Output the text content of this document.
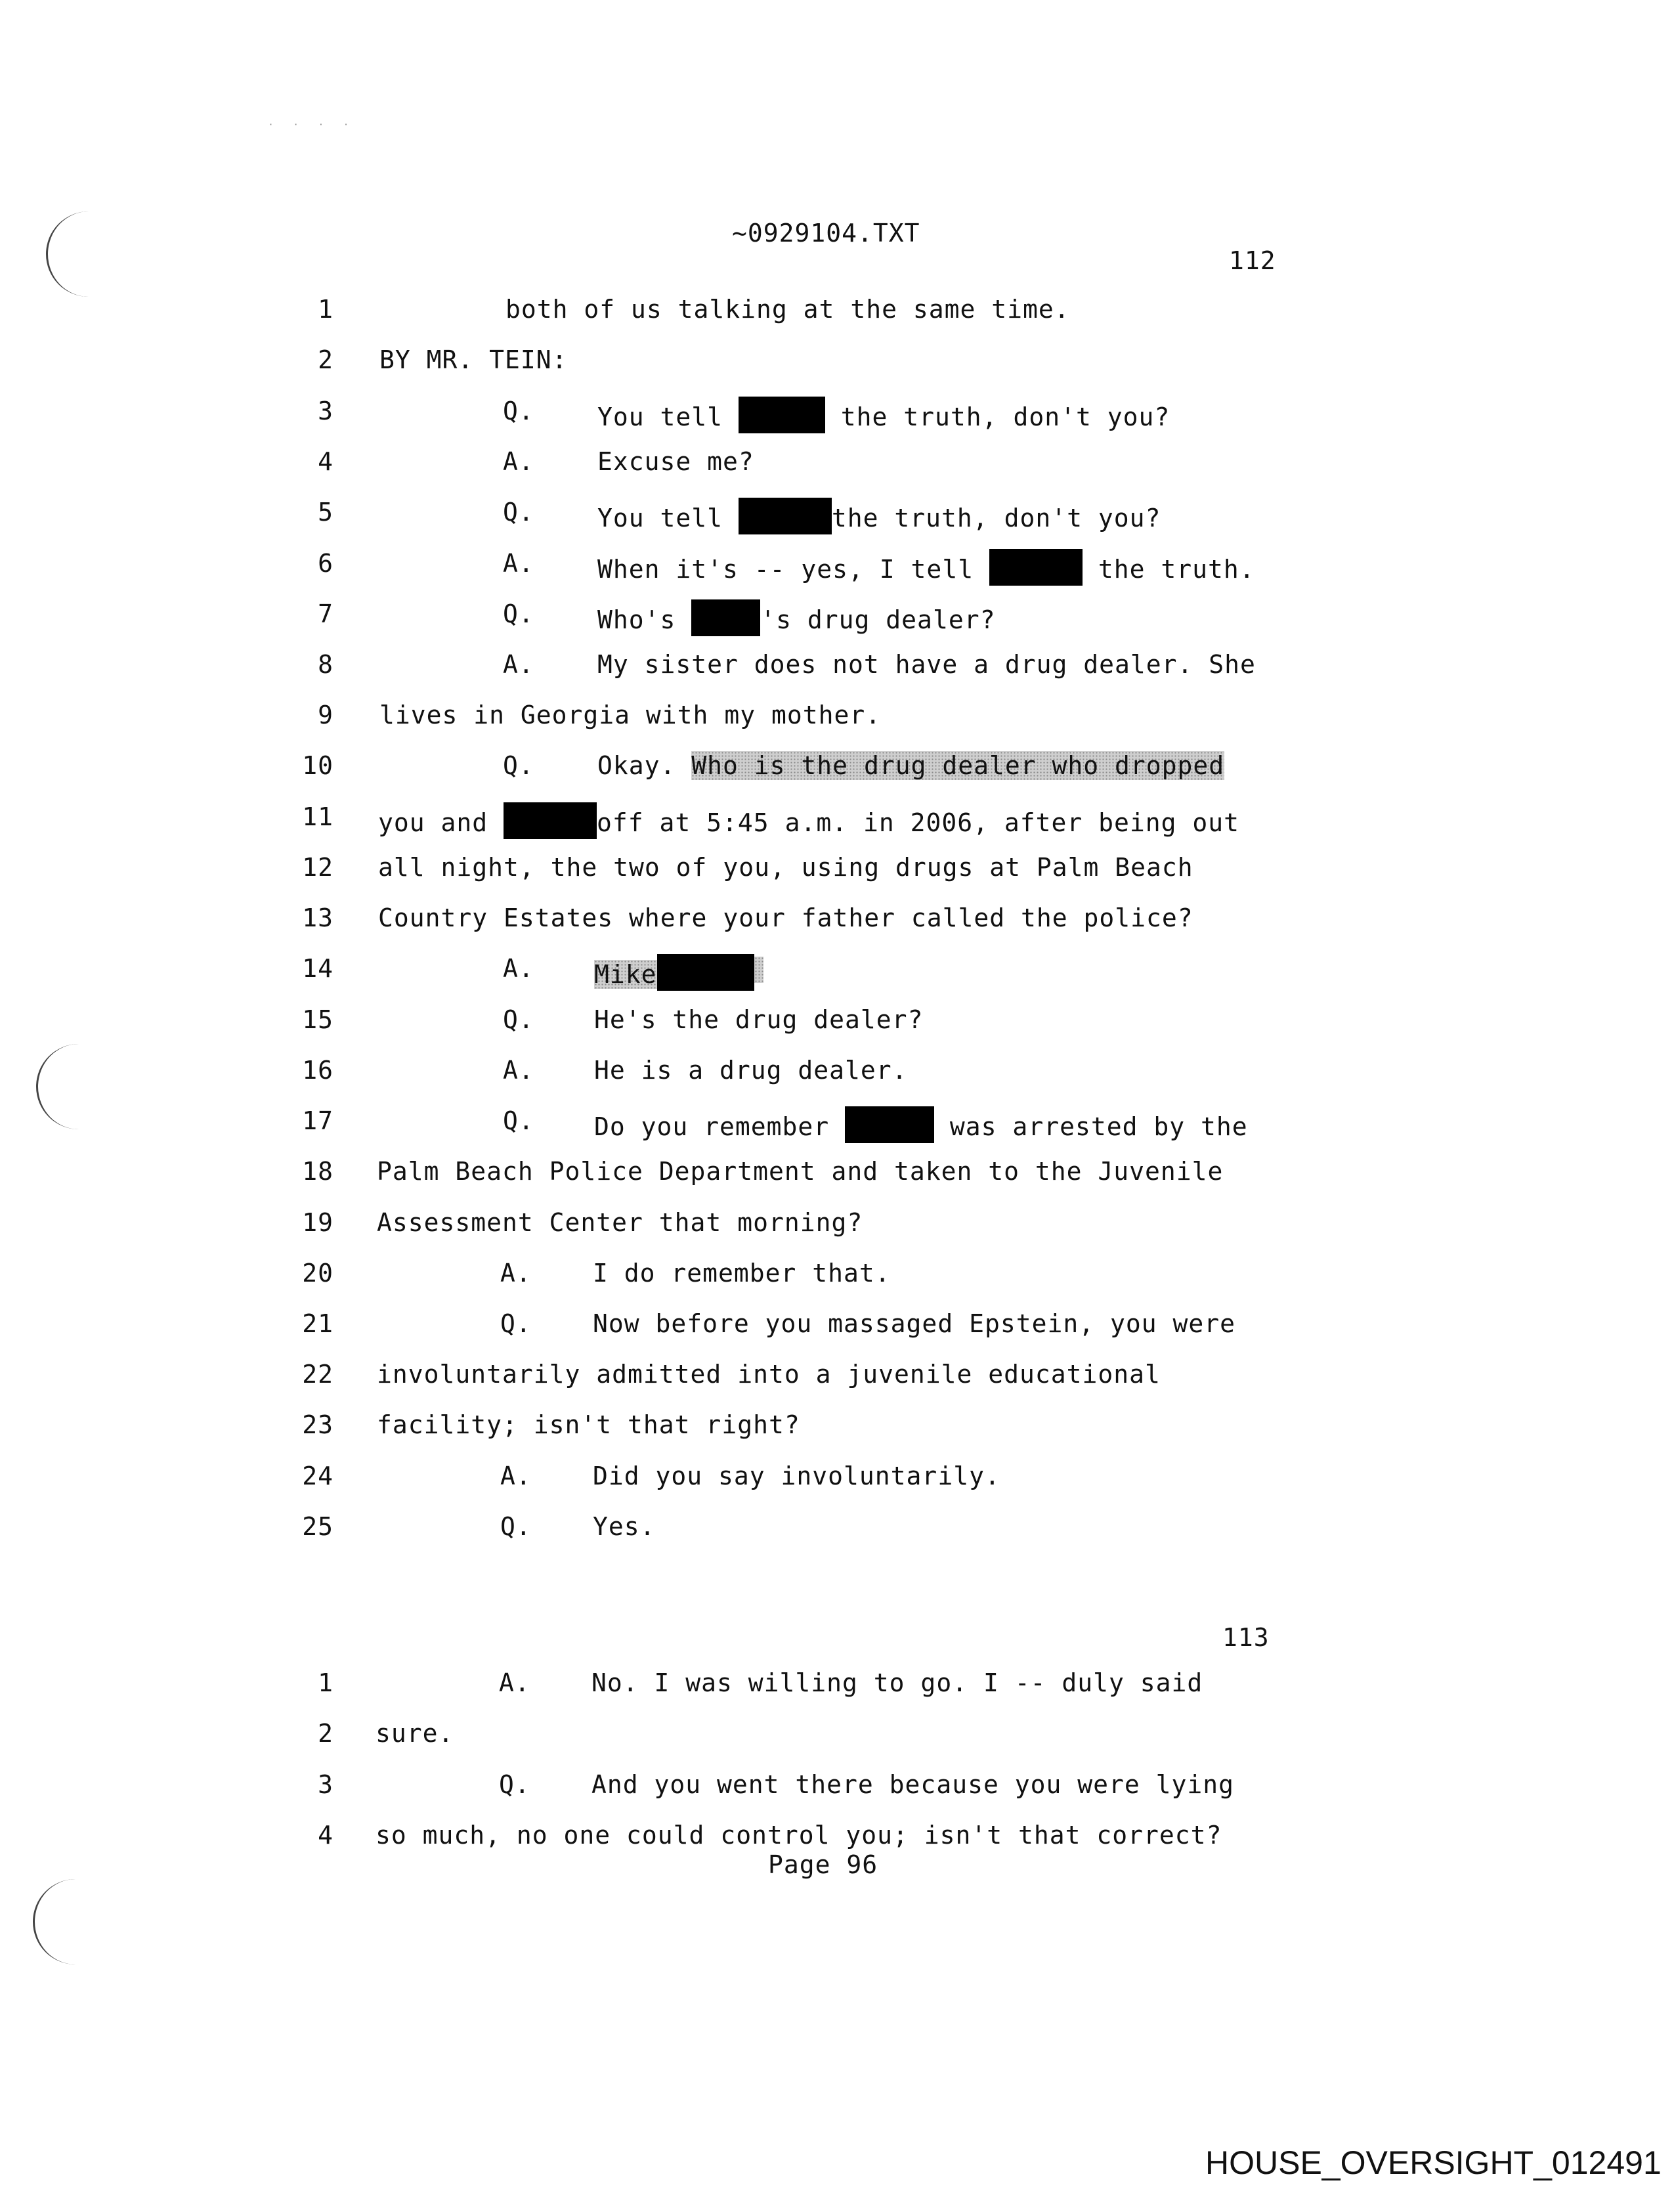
· · · ·
~0929104.TXT
112
1	both of us talking at the same time.
2 BY MR. TEIN:
3	Q.	You tell	the truth, don't you?
4	A.	Excuse me?
5	Q.	You tell	the truth, don't you?
6	A.	When it's -- yes, I tell	the truth.
7	Q.	Who's	's drug dealer?
8	A.	My sister does not have a drug dealer. She
9 lives in Georgia with my mother.
10	Q.	Okay. Who is the drug dealer who dropped
11 you and	off at 5:45 a.m. in 2006, after being out
12 all night, the two of you, using drugs at Palm Beach
13 Country Estates where your father called the police?
14	A.	Mike
15	Q.	He's the drug dealer?
16	A.	He is a drug dealer.
17	Q.	Do you remember	was arrested by the
18 Palm Beach Police Department and taken to the Juvenile
19 Assessment Center that morning?
20	A.	I do remember that.
21	Q.	Now before you massaged Epstein, you were
22 involuntarily admitted into a juvenile educational
23 facility; isn't that right?
24	A.	Did you say involuntarily.
25	Q.	Yes.
113
1	A.	No. I was willing to go. I -- duly said
2 sure.
3	Q.	And you went there because you were lying
4 so much, no one could control you; isn't that correct?
Page 96
HOUSE_OVERSIGHT_012491
